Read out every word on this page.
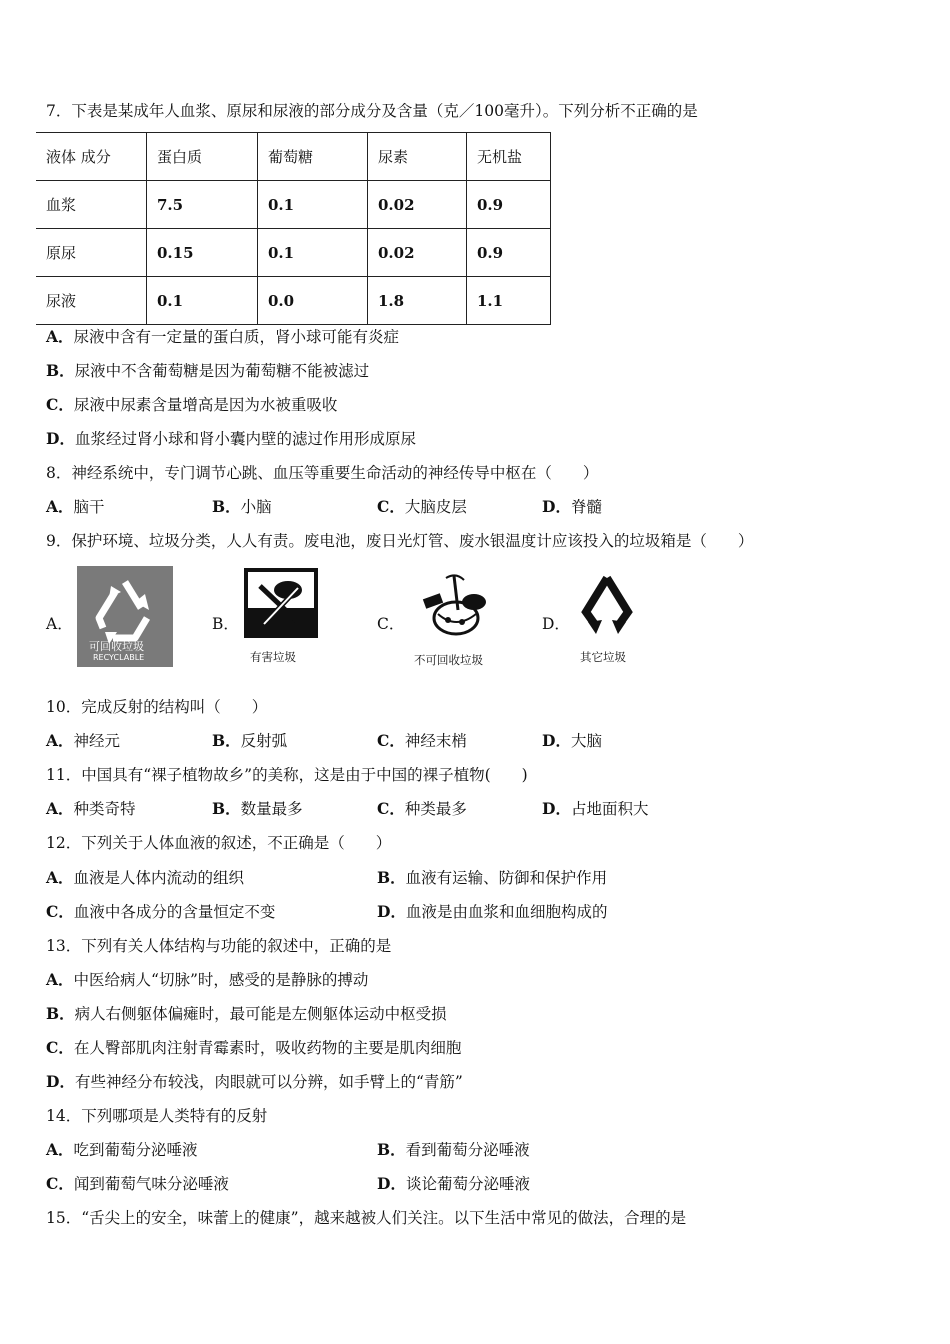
7．下表是某成年人血浆、原尿和尿液的部分成分及含量（克／100毫升）。下列分析不正确的是
液体 成分	蛋白质	葡萄糖	尿素	无机盐
血浆	7.5	0.1	0.02	0.9
原尿	0.15	0.1	0.02	0.9
尿液	0.1	0.0	1.8	1.1
A．尿液中含有一定量的蛋白质，肾小球可能有炎症
B．尿液中不含葡萄糖是因为葡萄糖不能被滤过
C．尿液中尿素含量增高是因为水被重吸收
D．血浆经过肾小球和肾小囊内壁的滤过作用形成原尿
8．神经系统中，专门调节心跳、血压等重要生命活动的神经传导中枢在（　　）
A．脑干	B．小脑	C．大脑皮层	D．脊髓
9．保护环境、垃圾分类，人人有责。废电池，废日光灯管、废水银温度计应该投入的垃圾箱是（　　）
A．
可回收垃圾
RECYCLABLE
B．
有害垃圾
C．
不可回收垃圾
D．
其它垃圾
10．完成反射的结构叫（　　）
A．神经元	B．反射弧	C．神经末梢	D．大脑
11．中国具有“裸子植物故乡”的美称，这是由于中国的裸子植物(　　)
A．种类奇特	B．数量最多	C．种类最多	D．占地面积大
12．下列关于人体血液的叙述，不正确是（　　）
A．血液是人体内流动的组织	B．血液有运输、防御和保护作用
C．血液中各成分的含量恒定不变	D．血液是由血浆和血细胞构成的
13．下列有关人体结构与功能的叙述中，正确的是
A．中医给病人“切脉”时，感受的是静脉的搏动
B．病人右侧躯体偏瘫时，最可能是左侧躯体运动中枢受损
C．在人臀部肌肉注射青霉素时，吸收药物的主要是肌肉细胞
D．有些神经分布较浅，肉眼就可以分辨，如手臂上的“青筋”
14．下列哪项是人类特有的反射
A．吃到葡萄分泌唾液	B．看到葡萄分泌唾液
C．闻到葡萄气味分泌唾液	D．谈论葡萄分泌唾液
15．“舌尖上的安全，味蕾上的健康”，越来越被人们关注。以下生活中常见的做法，合理的是
